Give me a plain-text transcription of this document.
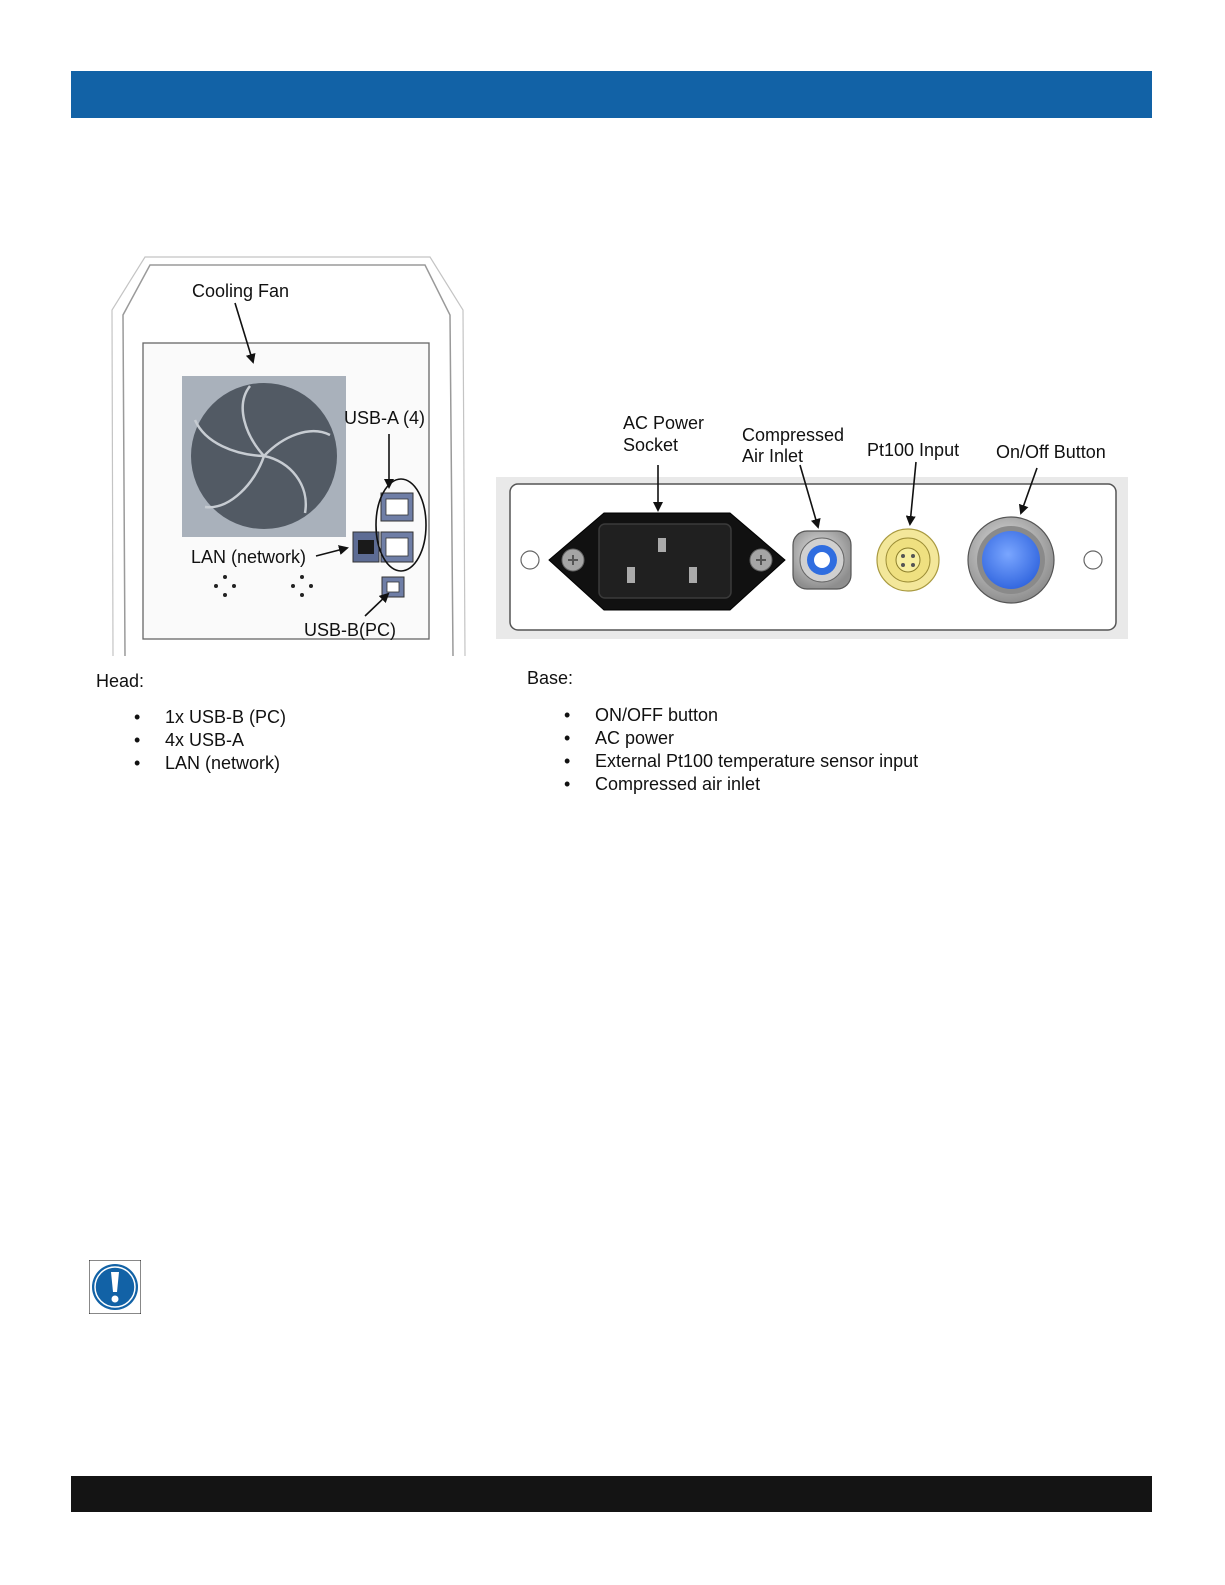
Cooling Fan
USB-A (4)
LAN (network)
USB-B(PC)
AC Power
Socket	Compressed
Air Inlet	Pt100 Input On/Off Button
Head:
• 1x USB-B (PC)
• 4x USB-A
• LAN (network)
Base:
• ON/OFF button
• AC power
• External Pt100 temperature sensor input
• Compressed air inlet
